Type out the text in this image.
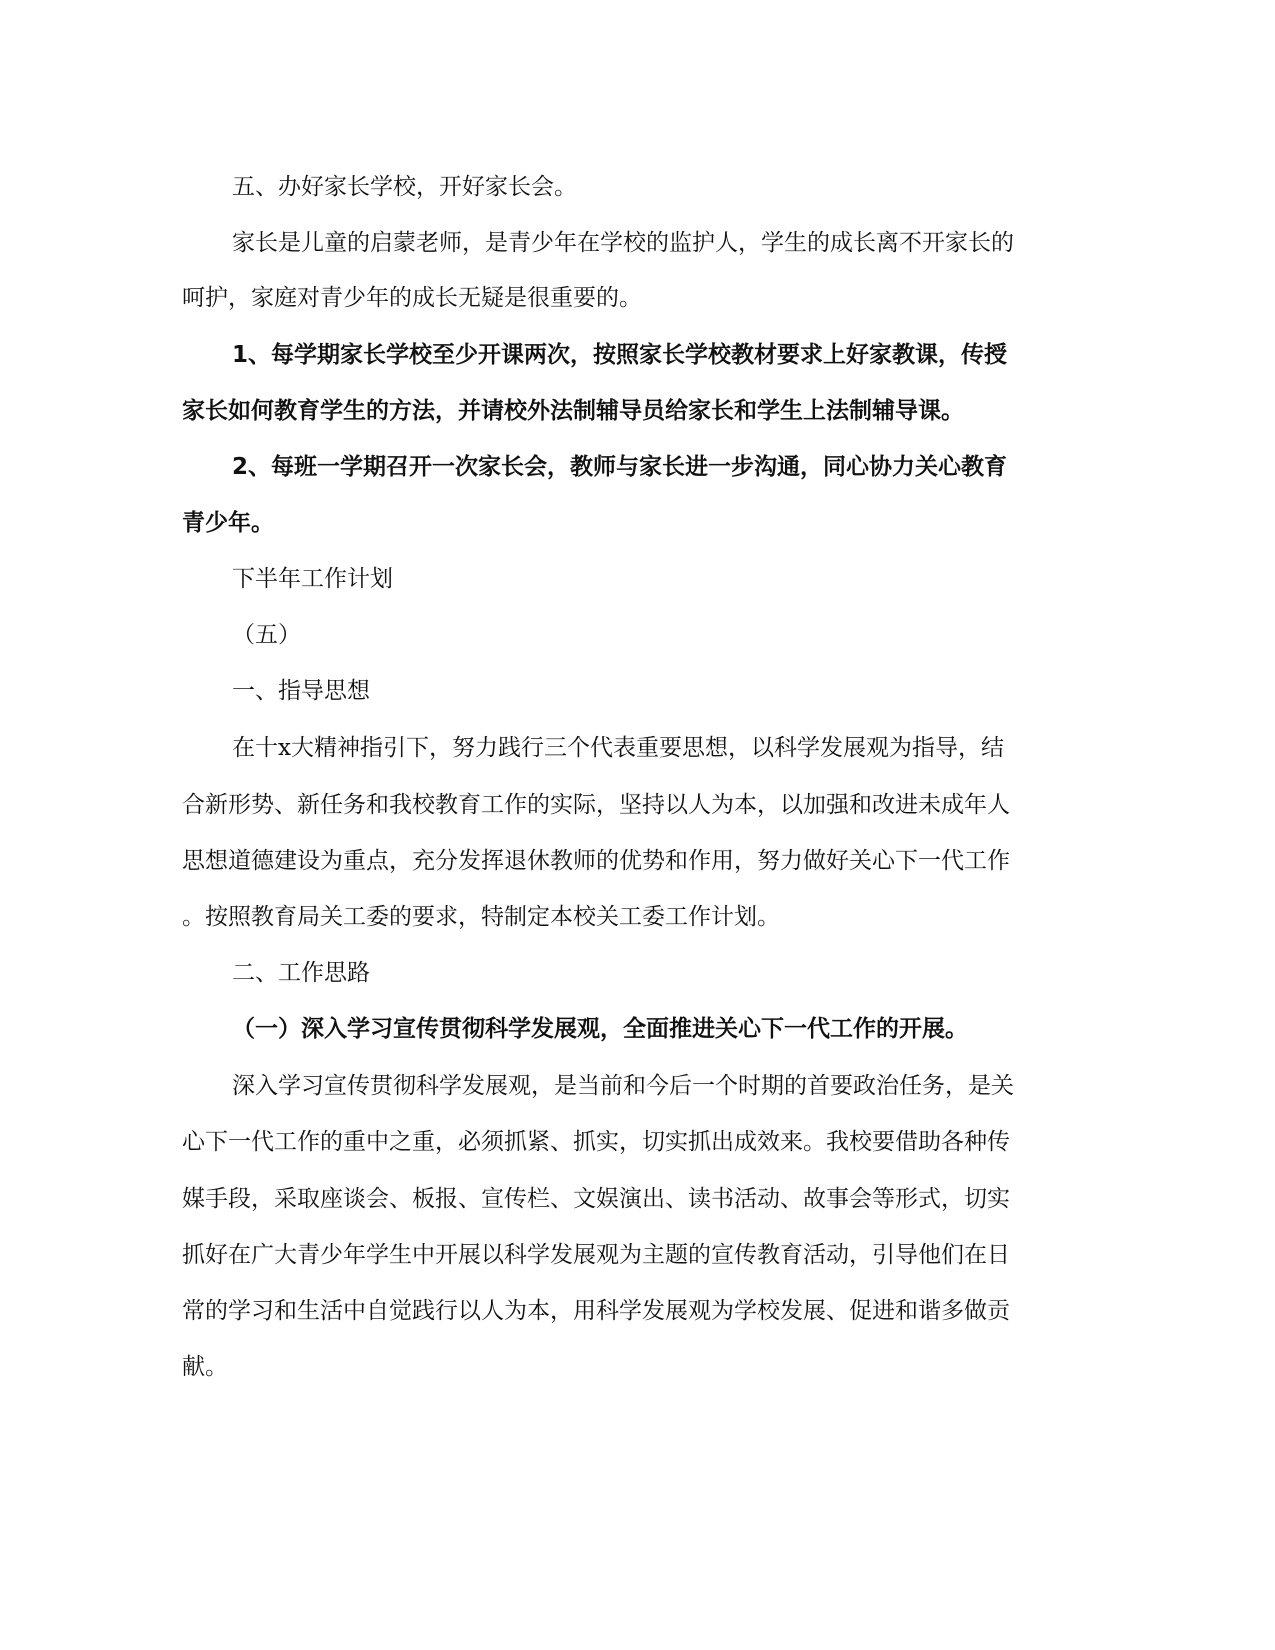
五、办好家长学校，开好家长会。
家长是儿童的启蒙老师，是青少年在学校的监护人，学生的成长离不开家长的
呵护，家庭对青少年的成长无疑是很重要的。
1、每学期家长学校至少开课两次，按照家长学校教材要求上好家教课，传授
家长如何教育学生的方法，并请校外法制辅导员给家长和学生上法制辅导课。
2、每班一学期召开一次家长会，教师与家长进一步沟通，同心协力关心教育
青少年。
下半年工作计划
（五）
一、指导思想
在十x大精神指引下，努力践行三个代表重要思想，以科学发展观为指导，结
合新形势、新任务和我校教育工作的实际，坚持以人为本，以加强和改进未成年人
思想道德建设为重点，充分发挥退休教师的优势和作用，努力做好关心下一代工作
。按照教育局关工委的要求，特制定本校关工委工作计划。
二、工作思路
（一）深入学习宣传贯彻科学发展观，全面推进关心下一代工作的开展。
深入学习宣传贯彻科学发展观，是当前和今后一个时期的首要政治任务，是关
心下一代工作的重中之重，必须抓紧、抓实，切实抓出成效来。我校要借助各种传
媒手段，采取座谈会、板报、宣传栏、文娱演出、读书活动、故事会等形式，切实
抓好在广大青少年学生中开展以科学发展观为主题的宣传教育活动，引导他们在日
常的学习和生活中自觉践行以人为本，用科学发展观为学校发展、促进和谐多做贡
献。
